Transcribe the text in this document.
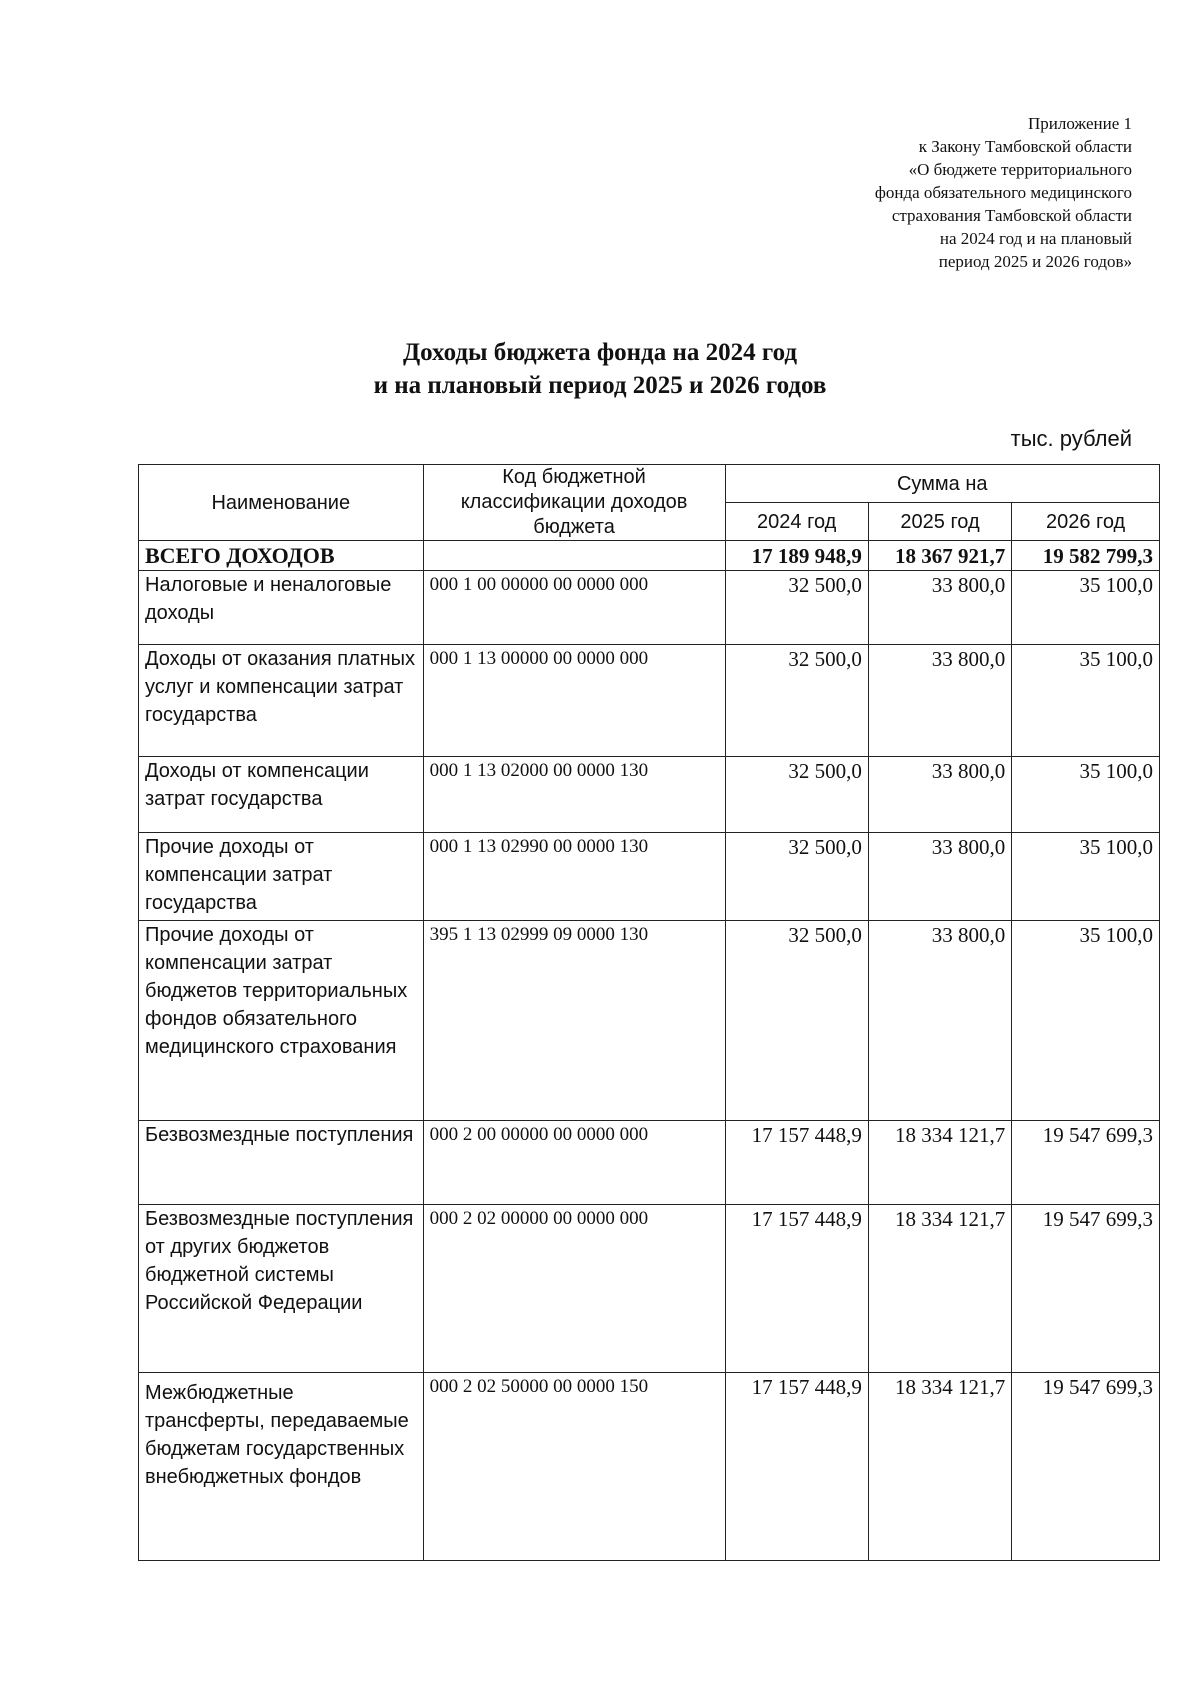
Приложение 1
к Закону Тамбовской области
«О бюджете территориального
фонда обязательного медицинского
страхования Тамбовской области
на 2024 год и на плановый
период 2025 и 2026 годов»
Доходы бюджета фонда на 2024 год
и на плановый период 2025 и 2026 годов
тыс. рублей
Наименование	Код бюджетной классификации доходов бюджета	Сумма на		
		2024 год	2025 год	2026 год
ВСЕГО ДОХОДОВ		17 189 948,9	18 367 921,7	19 582 799,3
Налоговые и неналоговые доходы	000 1 00 00000 00 0000 000	32 500,0	33 800,0	35 100,0
Доходы от оказания платных услуг и компенсации затрат государства	000 1 13 00000 00 0000 000	32 500,0	33 800,0	35 100,0
Доходы от компенсации затрат государства	000 1 13 02000 00 0000 130	32 500,0	33 800,0	35 100,0
Прочие доходы от компенсации затрат государства	000 1 13 02990 00 0000 130	32 500,0	33 800,0	35 100,0
Прочие доходы от компенсации затрат бюджетов территориальных фондов обязательного медицинского страхования	395 1 13 02999 09 0000 130	32 500,0	33 800,0	35 100,0
Безвозмездные поступления	000 2 00 00000 00 0000 000	17 157 448,9	18 334 121,7	19 547 699,3
Безвозмездные поступления от других бюджетов бюджетной системы Российской Федерации	000 2 02 00000 00 0000 000	17 157 448,9	18 334 121,7	19 547 699,3
Межбюджетные трансферты, передаваемые бюджетам государственных внебюджетных фондов	000 2 02 50000 00 0000 150	17 157 448,9	18 334 121,7	19 547 699,3
